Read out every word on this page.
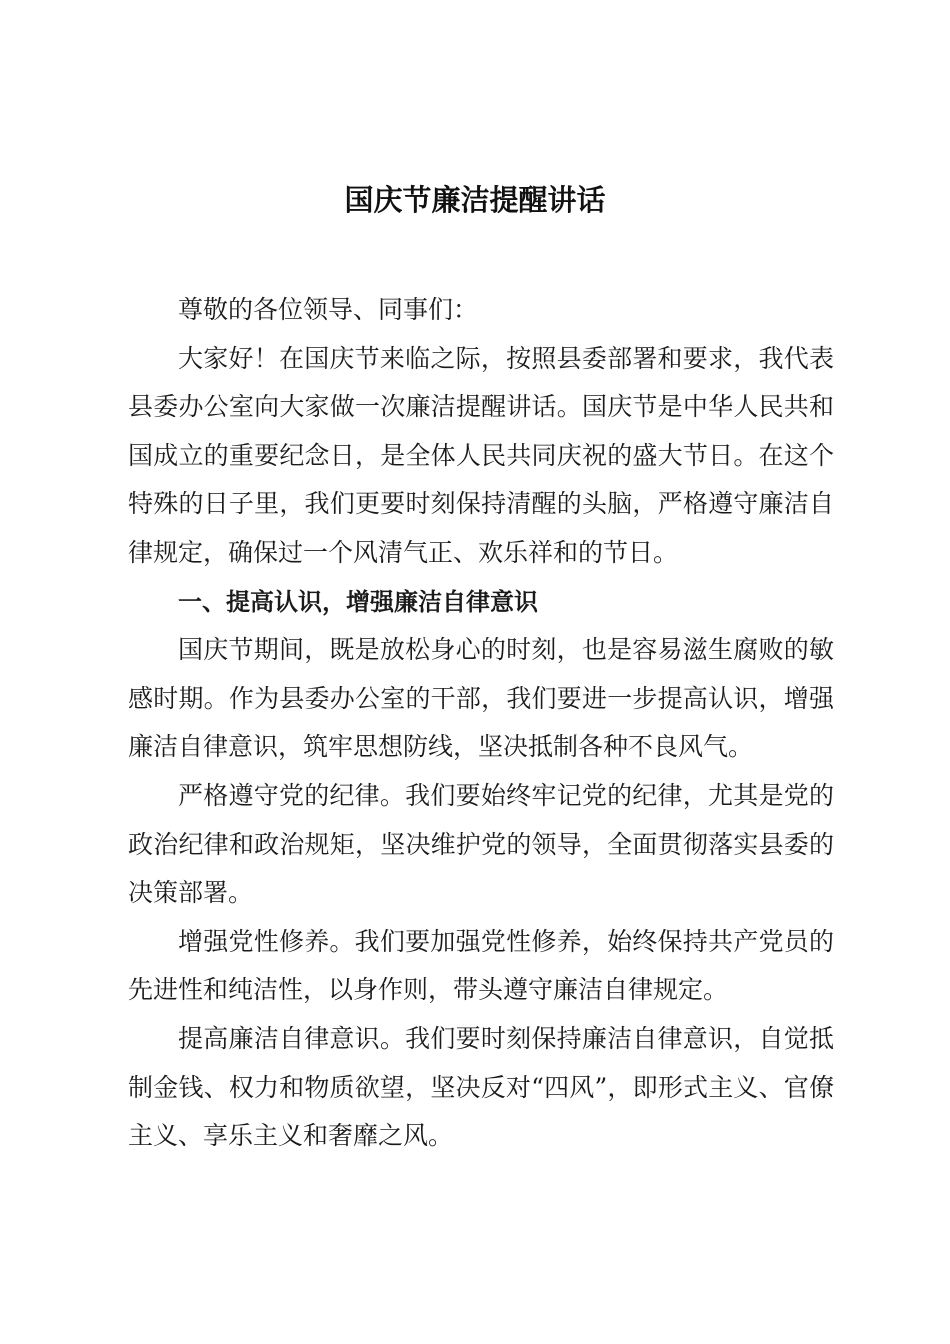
国庆节廉洁提醒讲话

尊敬的各位领导、同事们：

大家好！在国庆节来临之际，按照县委部署和要求，我代表县委办公室向大家做一次廉洁提醒讲话。国庆节是中华人民共和国成立的重要纪念日，是全体人民共同庆祝的盛大节日。在这个特殊的日子里，我们更要时刻保持清醒的头脑，严格遵守廉洁自律规定，确保过一个风清气正、欢乐祥和的节日。

一、提高认识，增强廉洁自律意识

国庆节期间，既是放松身心的时刻，也是容易滋生腐败的敏感时期。作为县委办公室的干部，我们要进一步提高认识，增强廉洁自律意识，筑牢思想防线，坚决抵制各种不良风气。

严格遵守党的纪律。我们要始终牢记党的纪律，尤其是党的政治纪律和政治规矩，坚决维护党的领导，全面贯彻落实县委的决策部署。

增强党性修养。我们要加强党性修养，始终保持共产党员的先进性和纯洁性，以身作则，带头遵守廉洁自律规定。

提高廉洁自律意识。我们要时刻保持廉洁自律意识，自觉抵制金钱、权力和物质欲望，坚决反对“四风”，即形式主义、官僚主义、享乐主义和奢靡之风。
